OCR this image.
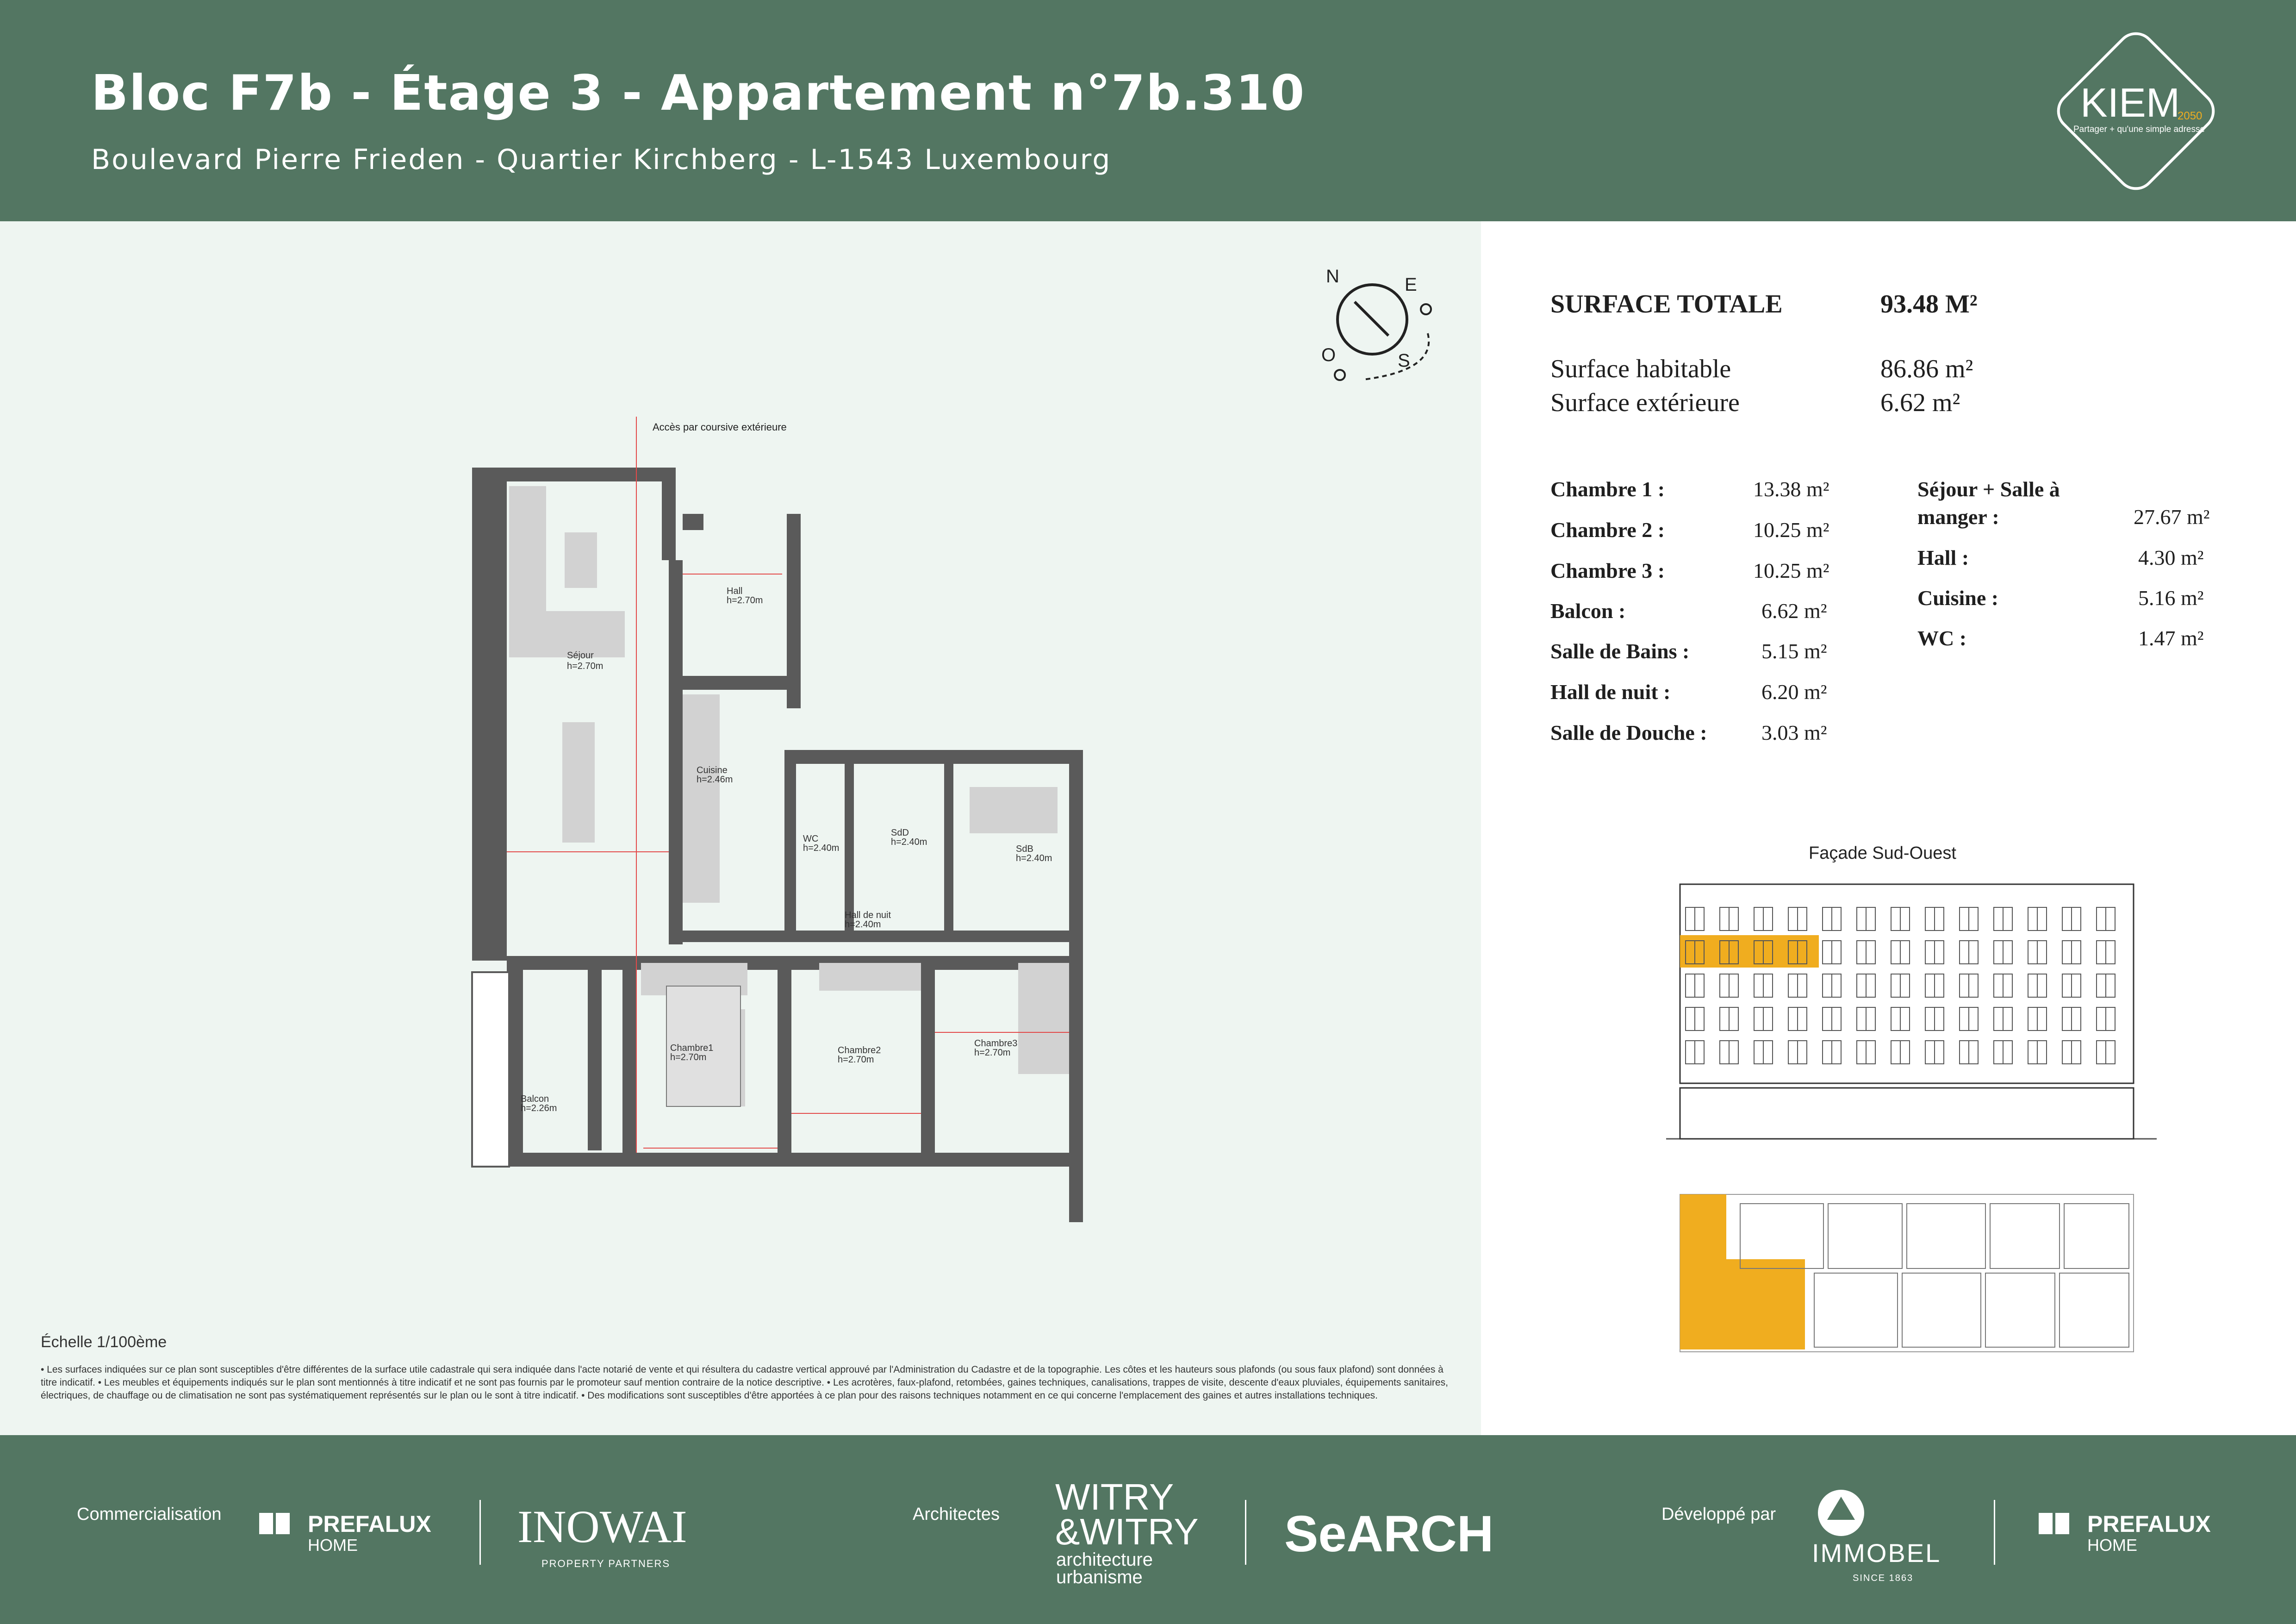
Bloc F7b - Étage 3 - Appartement n°7b.310
Boulevard Pierre Frieden - Quartier Kirchberg - L-1543 Luxembourg
KIEM
2050
Partager + qu'une simple adresse
N	E
O	S
Accès par coursive extérieure
Séjour
h=2.70m
Hall
h=2.70m
Cuisine
h=2.46m
WC
h=2.40m
SdD
h=2.40m
SdB
h=2.40m
Hall de nuit
h=2.40m
Chambre1
h=2.70m
Chambre2
h=2.70m
Chambre3
h=2.70m
Balcon
h=2.26m
Échelle 1/100ème
• Les surfaces indiquées sur ce plan sont susceptibles d'être différentes de la surface utile cadastrale qui sera indiquée dans l'acte notarié de vente et qui résultera du cadastre vertical approuvé par l'Administration du Cadastre et de la topographie. Les côtes et les hauteurs sous plafonds (ou sous faux plafond) sont données à titre indicatif. • Les meubles et équipements indiqués sur le plan sont mentionnés à titre indicatif et ne sont pas fournis par le promoteur sauf mention contraire de la notice descriptive. • Les acrotères, faux-plafond, retombées, gaines techniques, canalisations, trappes de visite, descente d'eaux pluviales, équipements sanitaires, électriques, de chauffage ou de climatisation ne sont pas systématiquement représentés sur le plan ou le sont à titre indicatif. • Des modifications sont susceptibles d'être apportées à ce plan pour des raisons techniques notamment en ce qui concerne l'emplacement des gaines et autres installations techniques.
SURFACE TOTALE	93.48 M²
Surface habitable	86.86 m²
Surface extérieure	6.62 m²
Chambre 1 :	13.38 m²
Chambre 2 :	10.25 m²
Chambre 3 :	10.25 m²
Balcon :	6.62 m²
Salle de Bains :	5.15 m²
Hall de nuit :	6.20 m²
Salle de Douche :	3.03 m²
Séjour + Salle à
manger :	27.67 m²
Hall :	4.30 m²
Cuisine :	5.16 m²
WC :	1.47 m²
Façade Sud-Ouest
Commercialisation	PREFALUX
HOME	INOWAI
PROPERTY PARTNERS
Architectes WITRY
&WITRY
architecture
urbanisme
SeARCH	Développé par
IMMOBEL
SINCE 1863
PREFALUX
HOME
